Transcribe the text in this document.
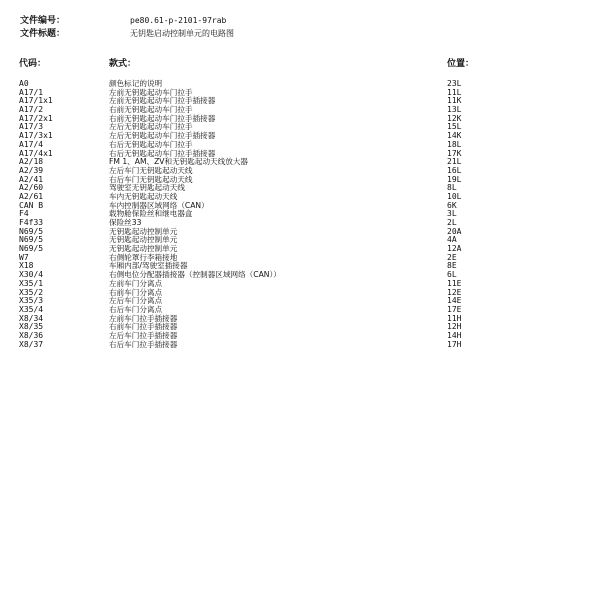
文件编号：	pe80.61-p-2101-97rab
文件标题：	无钥匙启动控制单元的电路图
代码：	款式：	位置：
A0	颜色标记的说明	23L
A17/1	左前无钥匙起动车门拉手	11L
A17/1x1	左前无钥匙起动车门拉手插接器	11K
A17/2	右前无钥匙起动车门拉手	13L
A17/2x1	右前无钥匙起动车门拉手插接器	12K
A17/3	左后无钥匙起动车门拉手	15L
A17/3x1	左后无钥匙起动车门拉手插接器	14K
A17/4	右后无钥匙起动车门拉手	18L
A17/4x1	右后无钥匙起动车门拉手插接器	17K
A2/18	FM 1、AM、ZV和无钥匙起动天线放大器	21L
A2/39	左后车门无钥匙起动天线	16L
A2/41	右后车门无钥匙起动天线	19L
A2/60	驾驶室无钥匙起动天线	8L
A2/61	车内无钥匙起动天线	10L
CAN B	车内控制器区域网络（CAN）	6K
F4	载物舱保险丝和继电器盒	3L
F4f33	保险丝33	2L
N69/5	无钥匙起动控制单元	20A
N69/5	无钥匙起动控制单元	4A
N69/5	无钥匙起动控制单元	12A
W7	右侧轮罩行李箱接地	2E
X18	车厢内部/驾驶室插接器	8E
X30/4	右侧电位分配器插接器（控制器区域网络（CAN））	6L
X35/1	左前车门分离点	11E
X35/2	右前车门分离点	12E
X35/3	左后车门分离点	14E
X35/4	右后车门分离点	17E
X8/34	左前车门拉手插接器	11H
X8/35	右前车门拉手插接器	12H
X8/36	左后车门拉手插接器	14H
X8/37	右后车门拉手插接器	17H
